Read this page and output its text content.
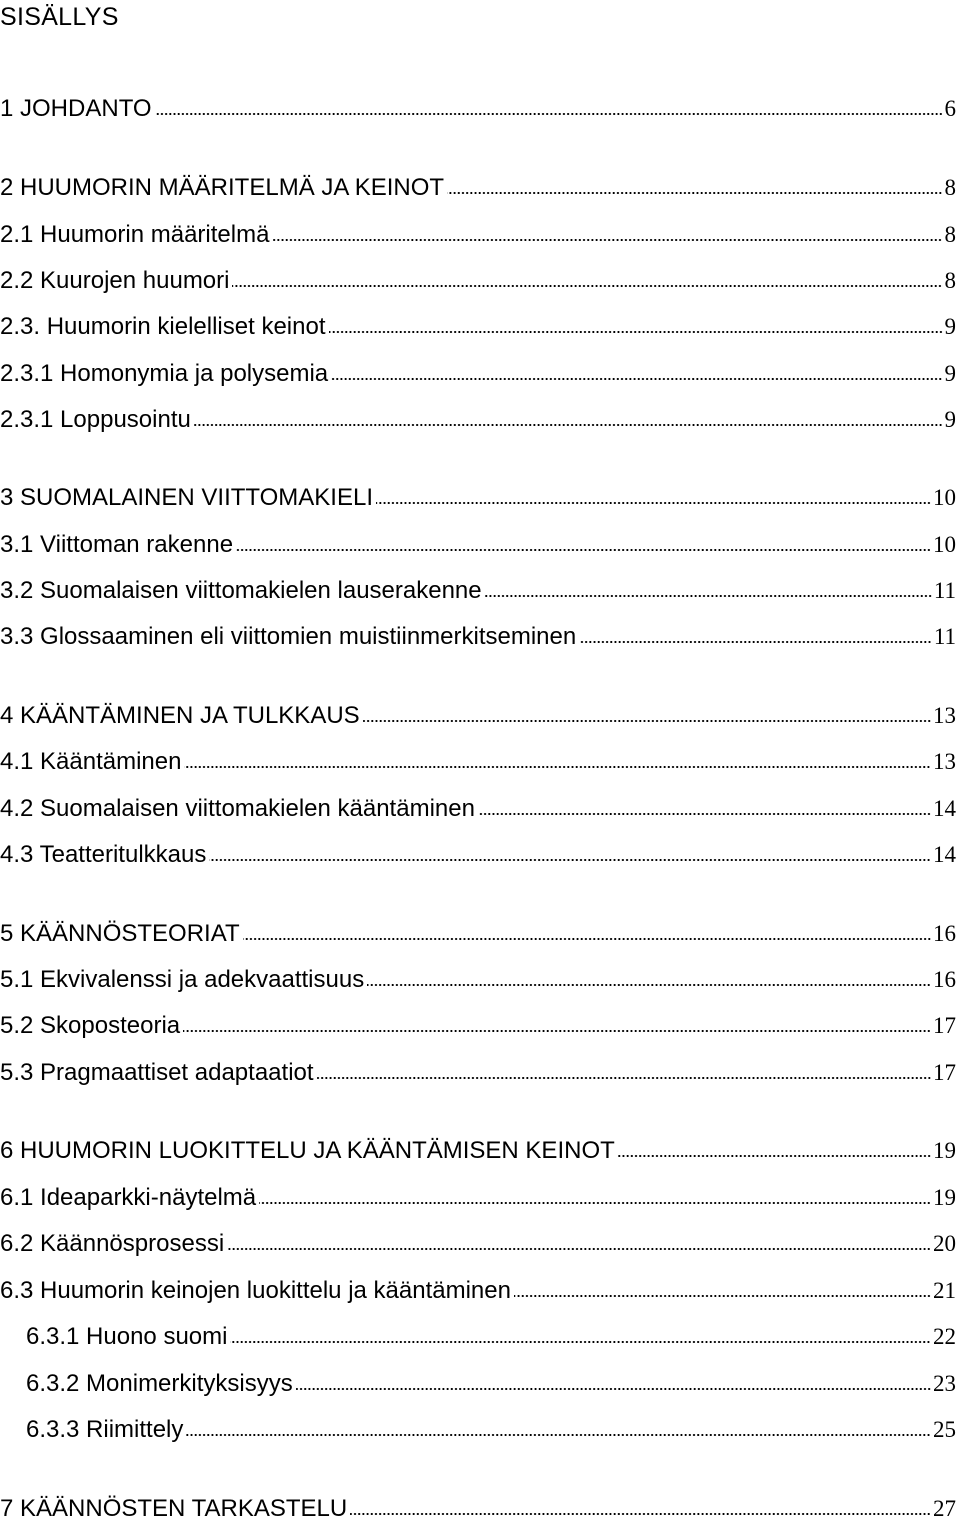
SISÄLLYS
1 JOHDANTO	6
2 HUUMORIN MÄÄRITELMÄ JA KEINOT	8
2.1 Huumorin määritelmä	8
2.2 Kuurojen huumori	8
2.3. Huumorin kielelliset keinot	9
2.3.1 Homonymia ja polysemia	9
2.3.1 Loppusointu	9
3 SUOMALAINEN VIITTOMAKIELI	10
3.1 Viittoman rakenne	10
3.2 Suomalaisen viittomakielen lauserakenne	11
3.3 Glossaaminen eli viittomien muistiinmerkitseminen	11
4 KÄÄNTÄMINEN JA TULKKAUS	13
4.1 Kääntäminen	13
4.2 Suomalaisen viittomakielen kääntäminen	14
4.3 Teatteritulkkaus	14
5 KÄÄNNÖSTEORIAT	16
5.1 Ekvivalenssi ja adekvaattisuus	16
5.2 Skoposteoria	17
5.3 Pragmaattiset adaptaatiot	17
6 HUUMORIN LUOKITTELU JA KÄÄNTÄMISEN KEINOT	19
6.1 Ideaparkki-näytelmä	19
6.2 Käännösprosessi	20
6.3 Huumorin keinojen luokittelu ja kääntäminen	21
6.3.1 Huono suomi	22
6.3.2 Monimerkityksisyys	23
6.3.3 Riimittely	25
7 KÄÄNNÖSTEN TARKASTELU	27
